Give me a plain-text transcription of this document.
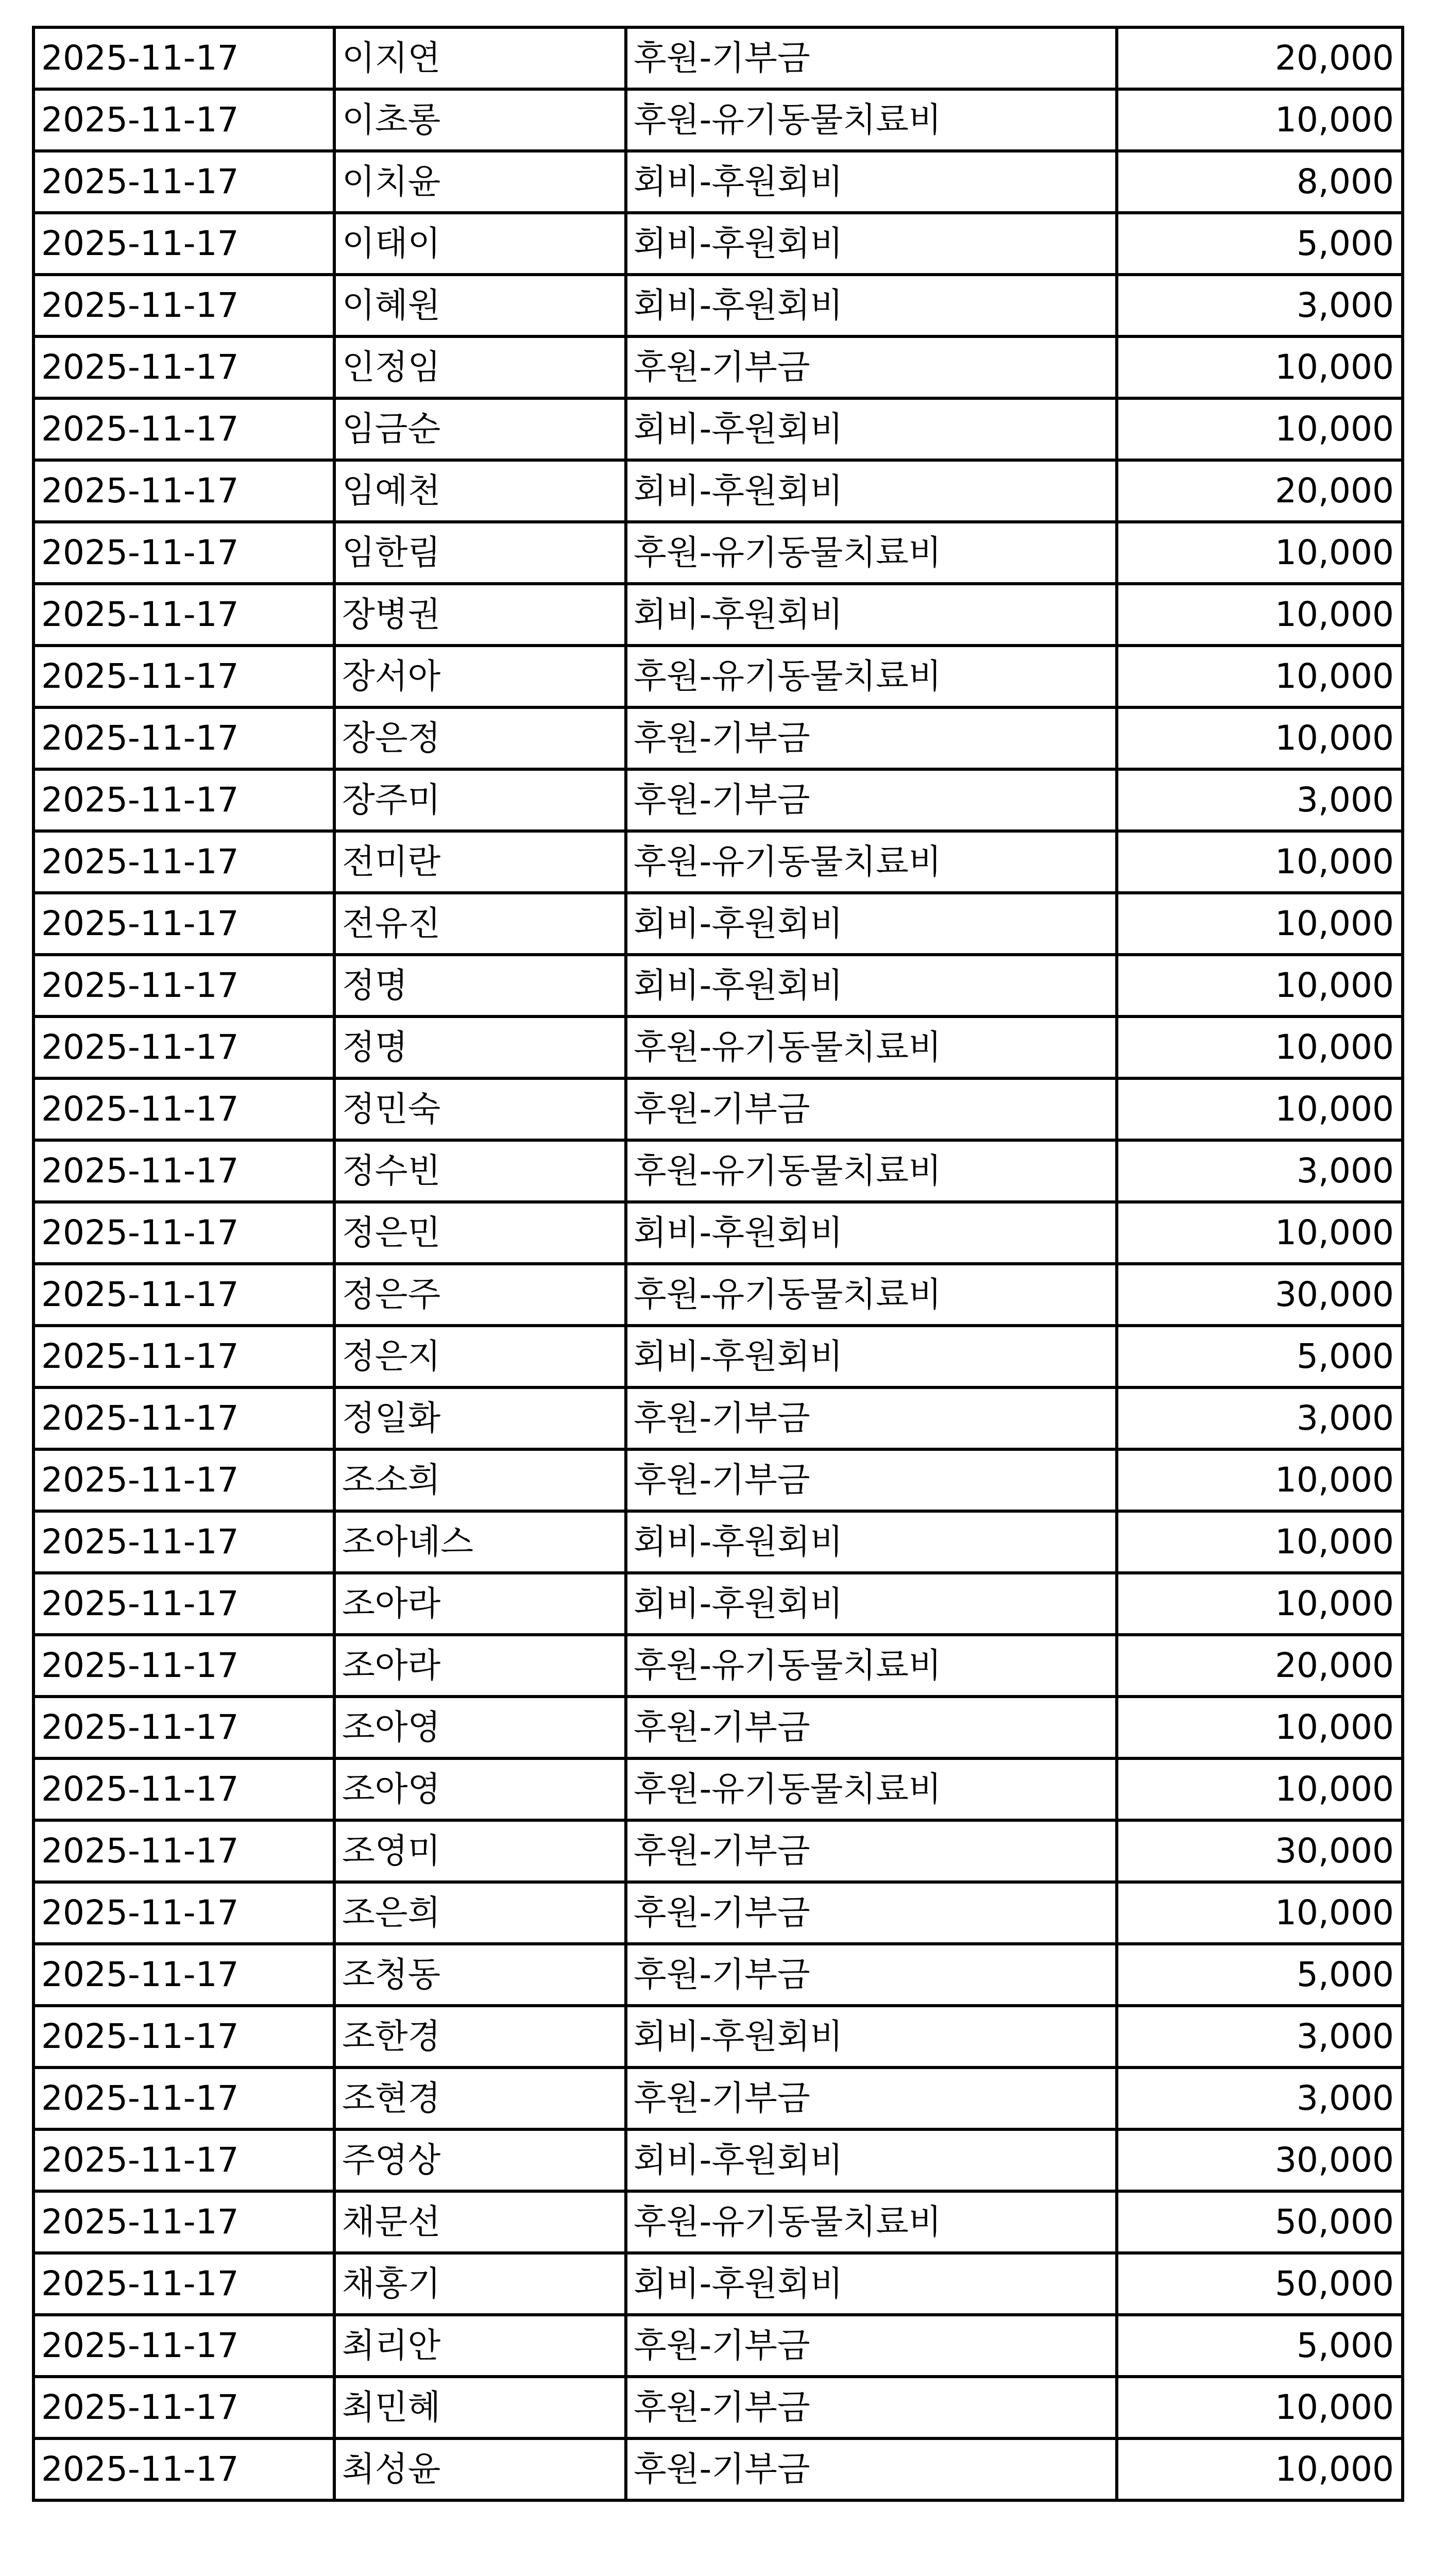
2025-11-17	이지연	후원-기부금	20,000
2025-11-17	이초롱	후원-유기동물치료비	10,000
2025-11-17	이치윤	회비-후원회비	8,000
2025-11-17	이태이	회비-후원회비	5,000
2025-11-17	이혜원	회비-후원회비	3,000
2025-11-17	인정임	후원-기부금	10,000
2025-11-17	임금순	회비-후원회비	10,000
2025-11-17	임예천	회비-후원회비	20,000
2025-11-17	임한림	후원-유기동물치료비	10,000
2025-11-17	장병권	회비-후원회비	10,000
2025-11-17	장서아	후원-유기동물치료비	10,000
2025-11-17	장은정	후원-기부금	10,000
2025-11-17	장주미	후원-기부금	3,000
2025-11-17	전미란	후원-유기동물치료비	10,000
2025-11-17	전유진	회비-후원회비	10,000
2025-11-17	정명	회비-후원회비	10,000
2025-11-17	정명	후원-유기동물치료비	10,000
2025-11-17	정민숙	후원-기부금	10,000
2025-11-17	정수빈	후원-유기동물치료비	3,000
2025-11-17	정은민	회비-후원회비	10,000
2025-11-17	정은주	후원-유기동물치료비	30,000
2025-11-17	정은지	회비-후원회비	5,000
2025-11-17	정일화	후원-기부금	3,000
2025-11-17	조소희	후원-기부금	10,000
2025-11-17	조아녜스	회비-후원회비	10,000
2025-11-17	조아라	회비-후원회비	10,000
2025-11-17	조아라	후원-유기동물치료비	20,000
2025-11-17	조아영	후원-기부금	10,000
2025-11-17	조아영	후원-유기동물치료비	10,000
2025-11-17	조영미	후원-기부금	30,000
2025-11-17	조은희	후원-기부금	10,000
2025-11-17	조청동	후원-기부금	5,000
2025-11-17	조한경	회비-후원회비	3,000
2025-11-17	조현경	후원-기부금	3,000
2025-11-17	주영상	회비-후원회비	30,000
2025-11-17	채문선	후원-유기동물치료비	50,000
2025-11-17	채홍기	회비-후원회비	50,000
2025-11-17	최리안	후원-기부금	5,000
2025-11-17	최민혜	후원-기부금	10,000
2025-11-17	최성윤	후원-기부금	10,000
